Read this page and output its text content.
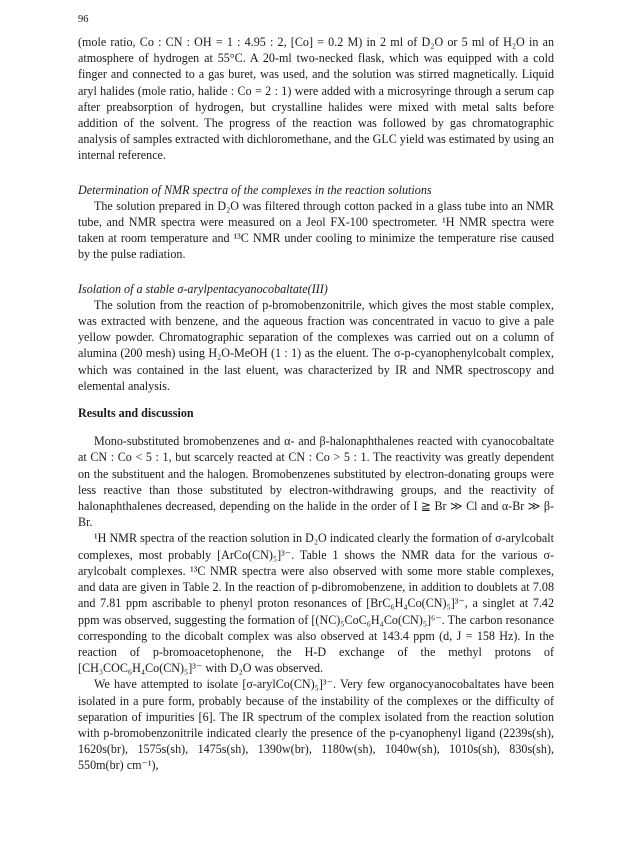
96

(mole ratio, Co : CN : OH = 1 : 4.95 : 2, [Co] = 0.2 M) in 2 ml of D₂O or 5 ml of H₂O in an atmosphere of hydrogen at 55°C. A 20-ml two-necked flask, which was equipped with a cold finger and connected to a gas buret, was used, and the solution was stirred magnetically. Liquid aryl halides (mole ratio, halide : Co = 2 : 1) were added with a microsyringe through a serum cap after preabsorption of hydrogen, but crystalline halides were mixed with metal salts before addition of the solvent. The progress of the reaction was followed by gas chromatographic analysis of samples extracted with dichloromethane, and the GLC yield was estimated by using an internal reference.

Determination of NMR spectra of the complexes in the reaction solutions

The solution prepared in D₂O was filtered through cotton packed in a glass tube into an NMR tube, and NMR spectra were measured on a Jeol FX-100 spectrometer. ¹H NMR spectra were taken at room temperature and ¹³C NMR under cooling to minimize the temperature rise caused by the pulse radiation.

Isolation of a stable σ-arylpentacyanocobaltate(III)

The solution from the reaction of p-bromobenzonitrile, which gives the most stable complex, was extracted with benzene, and the aqueous fraction was concentrated in vacuo to give a pale yellow powder. Chromatographic separation of the complexes was carried out on a column of alumina (200 mesh) using H₂O-MeOH (1 : 1) as the eluent. The σ-p-cyanophenylcobalt complex, which was contained in the last eluent, was characterized by IR and NMR spectroscopy and elemental analysis.

Results and discussion

Mono-substituted bromobenzenes and α- and β-halonaphthalenes reacted with cyanocobaltate at CN : Co < 5 : 1, but scarcely reacted at CN : Co > 5 : 1. The reactivity was greatly dependent on the substituent and the halogen. Bromobenzenes substituted by electron-donating groups were less reactive than those substituted by electron-withdrawing groups, and the reactivity of halonaphthalenes decreased, depending on the halide in the order of I ≧ Br ≫ Cl and α-Br ≫ β-Br.

¹H NMR spectra of the reaction solution in D₂O indicated clearly the formation of σ-arylcobalt complexes, most probably [ArCo(CN)₅]³⁻. Table 1 shows the NMR data for the various σ-arylcobalt complexes. ¹³C NMR spectra were also observed with some more stable complexes, and data are given in Table 2. In the reaction of p-dibromobenzene, in addition to doublets at 7.08 and 7.81 ppm ascribable to phenyl proton resonances of [BrC₆H₄Co(CN)₅]³⁻, a singlet at 7.42 ppm was observed, suggesting the formation of [(NC)₅CoC₆H₄Co(CN)₅]⁶⁻. The carbon resonance corresponding to the dicobalt complex was also observed at 143.4 ppm (d, J = 158 Hz). In the reaction of p-bromoacetophenone, the H-D exchange of the methyl protons of [CH₃COC₆H₄Co(CN)₅]³⁻ with D₂O was observed.

We have attempted to isolate [σ-arylCo(CN)₅]³⁻. Very few organocyanocobaltates have been isolated in a pure form, probably because of the instability of the complexes or the difficulty of separation of impurities [6]. The IR spectrum of the complex isolated from the reaction solution with p-bromobenzonitrile indicated clearly the presence of the p-cyanophenyl ligand (2239s(sh), 1620s(br), 1575s(sh), 1475s(sh), 1390w(br), 1180w(sh), 1040w(sh), 1010s(sh), 830s(sh), 550m(br) cm⁻¹),
